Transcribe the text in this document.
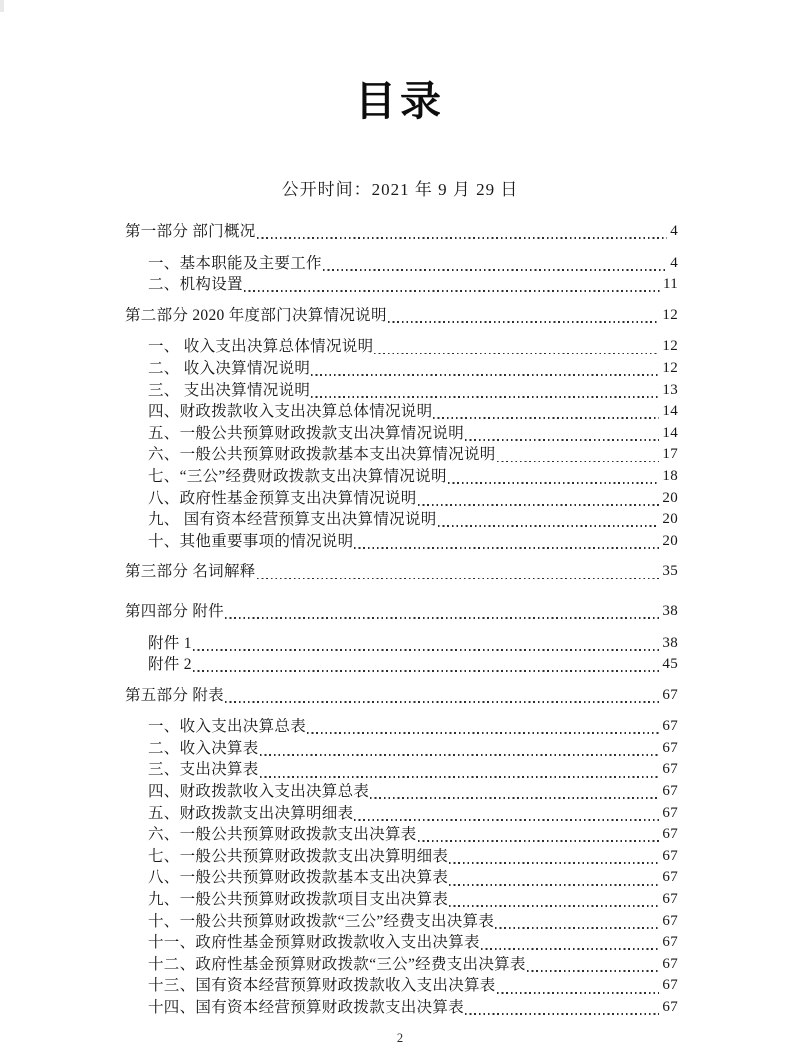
目录
公开时间：2021 年 9 月 29 日
第一部分 部门概况	4
一、基本职能及主要工作	4
二、机构设置	11
第二部分 2020 年度部门决算情况说明	12
一、 收入支出决算总体情况说明	12
二、 收入决算情况说明	12
三、 支出决算情况说明	13
四、财政拨款收入支出决算总体情况说明	14
五、一般公共预算财政拨款支出决算情况说明	14
六、一般公共预算财政拨款基本支出决算情况说明	17
七、“三公”经费财政拨款支出决算情况说明	18
八、政府性基金预算支出决算情况说明	20
九、 国有资本经营预算支出决算情况说明	20
十、其他重要事项的情况说明	20
第三部分 名词解释	35
第四部分 附件	38
附件 1	38
附件 2	45
第五部分 附表	67
一、收入支出决算总表	67
二、收入决算表	67
三、支出决算表	67
四、财政拨款收入支出决算总表	67
五、财政拨款支出决算明细表	67
六、一般公共预算财政拨款支出决算表	67
七、一般公共预算财政拨款支出决算明细表	67
八、一般公共预算财政拨款基本支出决算表	67
九、一般公共预算财政拨款项目支出决算表	67
十、一般公共预算财政拨款“三公”经费支出决算表	67
十一、政府性基金预算财政拨款收入支出决算表	67
十二、政府性基金预算财政拨款“三公”经费支出决算表	67
十三、国有资本经营预算财政拨款收入支出决算表	67
十四、国有资本经营预算财政拨款支出决算表	67
2
